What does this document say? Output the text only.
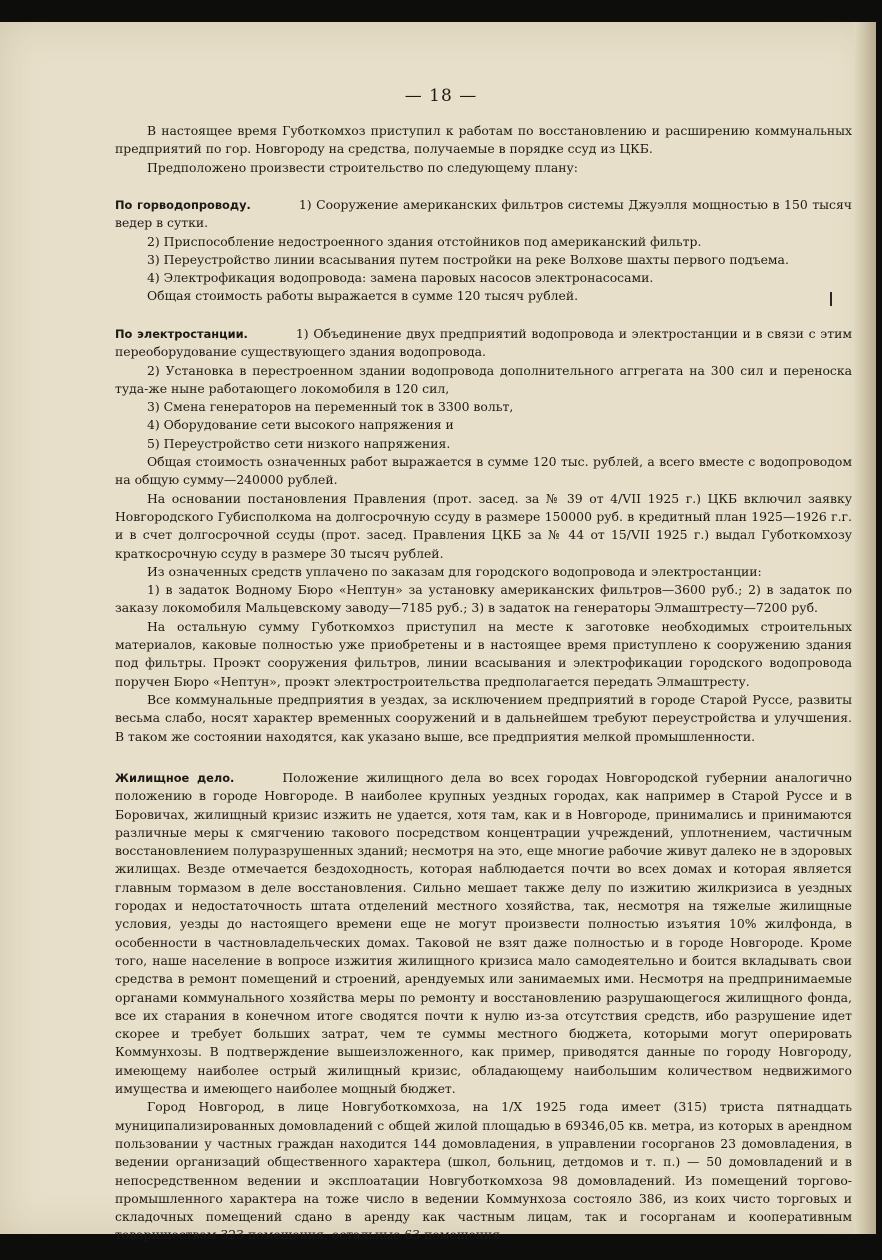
— 18 —

В настоящее время Губоткомхоз приступил к работам по восстановлению и расширению коммунальных предприятий по гор. Новгороду на средства, получаемые в порядке ссуд из ЦКБ.

Предположено произвести строительство по следующему плану:

По горводопроводу.	1) Сооружение американских фильтров системы Джуэлля мощностью в 150 тысяч ведер в сутки.

2) Приспособление недостроенного здания отстойников под американский фильтр.

3) Переустройство линии всасывания путем постройки на реке Волхове шахты первого подъема.

4) Электрофикация водопровода: замена паровых насосов электронасосами.

Общая стоимость работы выражается в сумме 120 тысяч рублей.

По электростанции.	1) Объединение двух предприятий водопровода и электростанции и в связи с этим переоборудование существующего здания водопровода.

2) Установка в перестроенном здании водопровода дополнительного аггрегата на 300 сил и переноска туда-же ныне работающего локомобиля в 120 сил,

3) Смена генераторов на переменный ток в 3300 вольт,

4) Оборудование сети высокого напряжения и

5) Переустройство сети низкого напряжения.

Общая стоимость означенных работ выражается в сумме 120 тыс. рублей, а всего вместе с водопроводом на общую сумму—240000 рублей.

На основании постановления Правления (прот. засед. за № 39 от 4/VII 1925 г.) ЦКБ включил заявку Новгородского Губисполкома на долгосрочную ссуду в размере 150000 руб. в кредитный план 1925—1926 г.г. и в счет долгосрочной ссуды (прот. засед. Правления ЦКБ за № 44 от 15/VII 1925 г.) выдал Губоткомхозу краткосрочную ссуду в размере 30 тысяч рублей.

Из означенных средств уплачено по заказам для городского водопровода и электростанции:

1) в задаток Водному Бюро «Нептун» за установку американских фильтров—3600 руб.; 2) в задаток по заказу локомобиля Мальцевскому заводу—7185 руб.; 3) в задаток на генераторы Элмаштресту—7200 руб.

На остальную сумму Губоткомхоз приступил на месте к заготовке необходимых строительных материалов, каковые полностью уже приобретены и в настоящее время приступлено к сооружению здания под фильтры. Проэкт сооружения фильтров, линии всасывания и электрофикации городского водопровода поручен Бюро «Нептун», проэкт электростроительства предполагается передать Элмаштресту.

Все коммунальные предприятия в уездах, за исключением предприятий в городе Старой Руссе, развиты весьма слабо, носят характер временных сооружений и в дальнейшем требуют переустройства и улучшения. В таком же состоянии находятся, как указано выше, все предприятия мелкой промышленности.

Жилищное дело.	Положение жилищного дела во всех городах Новгородской губернии аналогично положению в городе Новгороде. В наиболее крупных уездных городах, как например в Старой Руссе и в Боровичах, жилищный кризис изжить не удается, хотя там, как и в Новгороде, принимались и принимаются различные меры к смягчению такового посредством концентрации учреждений, уплотнением, частичным восстановлением полуразрушенных зданий; несмотря на это, еще многие рабочие живут далеко не в здоровых жилищах. Везде отмечается бездоходность, которая наблюдается почти во всех домах и которая является главным тормазом в деле восстановления. Сильно мешает также делу по изжитию жилкризиса в уездных городах и недостаточность штата отделений местного хозяйства, так, несмотря на тяжелые жилищные условия, уезды до настоящего времени еще не могут произвести полностью изъятия 10% жилфонда, в особенности в частновладельческих домах. Таковой не взят даже полностью и в городе Новгороде. Кроме того, наше население в вопросе изжития жилищного кризиса мало самодеятельно и боится вкладывать свои средства в ремонт помещений и строений, арендуемых или занимаемых ими. Несмотря на предпринимаемые органами коммунального хозяйства меры по ремонту и восстановлению разрушающегося жилищного фонда, все их старания в конечном итоге сводятся почти к нулю из-за отсутствия средств, ибо разрушение идет скорее и требует больших затрат, чем те суммы местного бюджета, которыми могут оперировать Коммунхозы. В подтверждение вышеизложенного, как пример, приводятся данные по городу Новгороду, имеющему наиболее острый жилищный кризис, обладающему наибольшим количеством недвижимого имущества и имеющего наиболее мощный бюджет.

Город Новгород, в лице Новгуботкомхоза, на 1/X 1925 года имеет (315) триста пятнадцать муниципализированных домовладений с общей жилой площадью в 69346,05 кв. метра, из которых в арендном пользовании у частных граждан находится 144 домовладения, в управлении госорганов 23 домовладения, в ведении организаций общественного характера (школ, больниц, детдомов и т. п.) — 50 домовладений и в непосредственном ведении и эксплоатации Новгуботкомхоза 98 домовладений. Из помещений торгово-промышленного характера на тоже число в ведении Коммунхоза состояло 386, из коих чисто торговых и складочных помещений сдано в аренду как частным лицам, так и госорганам и кооперативным товариществам 323 помещения, остальные 63 помещения
